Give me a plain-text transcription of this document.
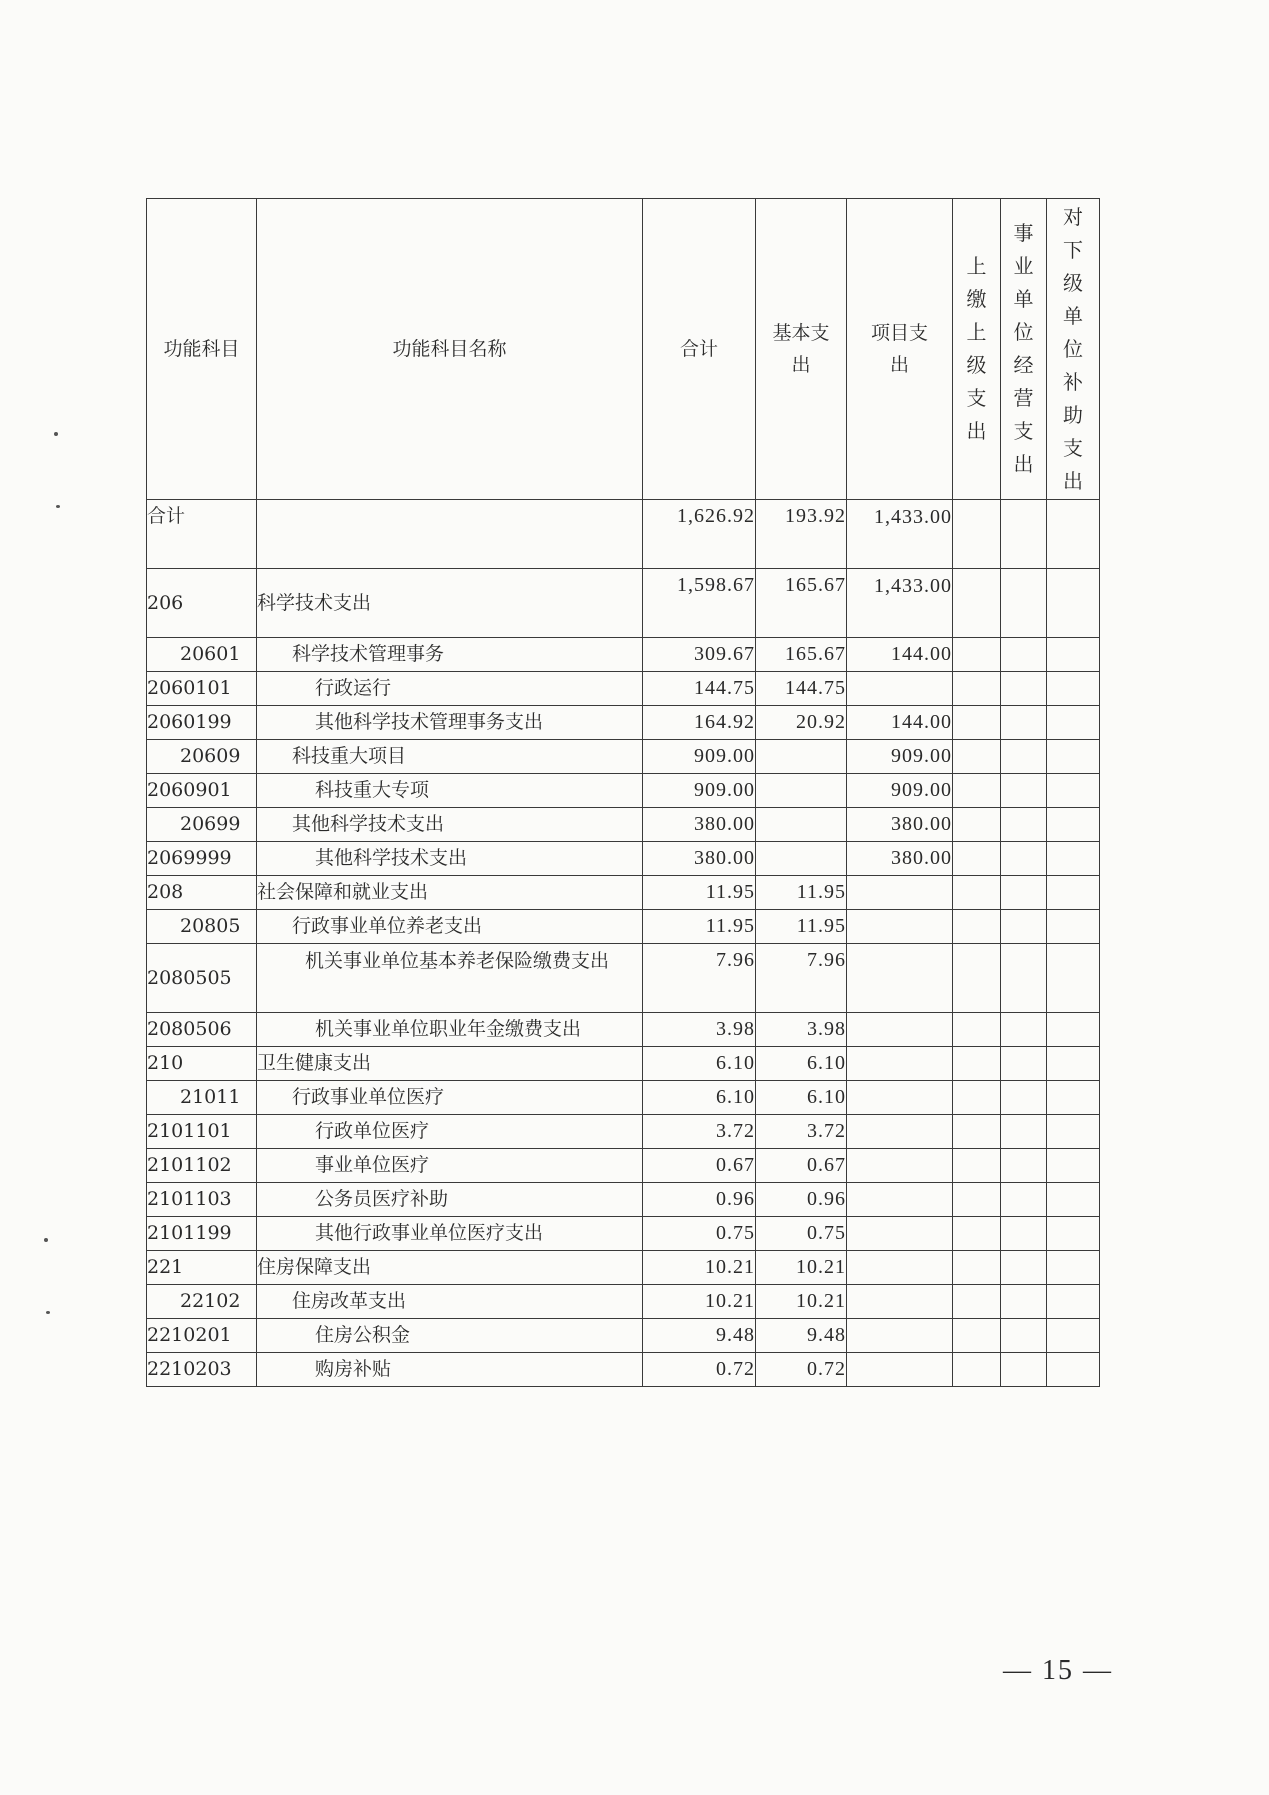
功能科目	功能科目名称	合计	基本支出	项目支出	上缴上级支出	事业单位经营支出	对下级单位补助支出
合计		1,626.92	193.92	1,433.00			
206	科学技术支出	1,598.67	165.67	1,433.00			
20601	科学技术管理事务	309.67	165.67	144.00			
2060101	行政运行	144.75	144.75				
2060199	其他科学技术管理事务支出	164.92	20.92	144.00			
20609	科技重大项目	909.00		909.00			
2060901	科技重大专项	909.00		909.00			
20699	其他科学技术支出	380.00		380.00			
2069999	其他科学技术支出	380.00		380.00			
208	社会保障和就业支出	11.95	11.95				
20805	行政事业单位养老支出	11.95	11.95				
2080505	机关事业单位基本养老保险缴费支出	7.96	7.96				
2080506	机关事业单位职业年金缴费支出	3.98	3.98				
210	卫生健康支出	6.10	6.10				
21011	行政事业单位医疗	6.10	6.10				
2101101	行政单位医疗	3.72	3.72				
2101102	事业单位医疗	0.67	0.67				
2101103	公务员医疗补助	0.96	0.96				
2101199	其他行政事业单位医疗支出	0.75	0.75				
221	住房保障支出	10.21	10.21				
22102	住房改革支出	10.21	10.21				
2210201	住房公积金	9.48	9.48				
2210203	购房补贴	0.72	0.72				
— 15 —
